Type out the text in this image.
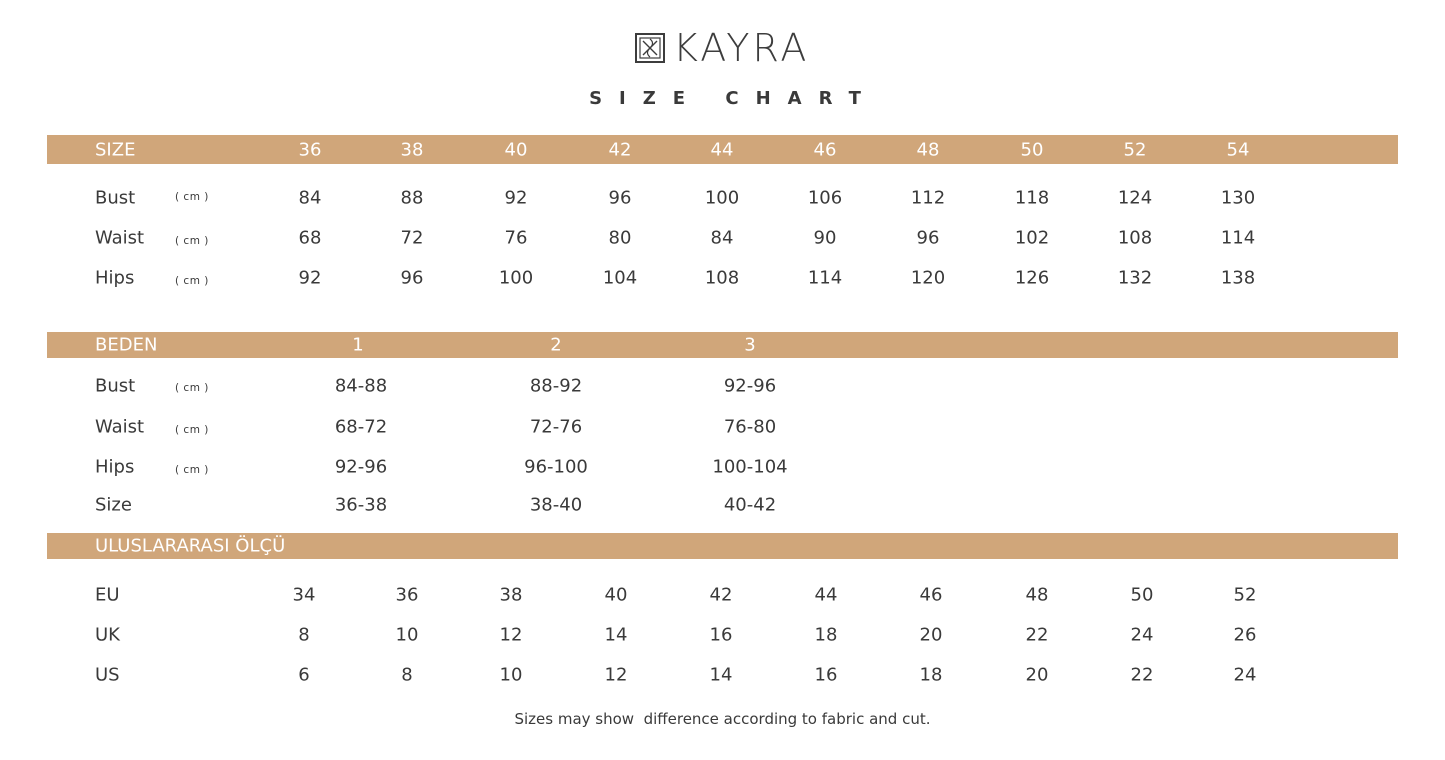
KAYRA
SIZE CHART
SIZE	36	38	40	42	44	46	48	50	52	54
Bust	( cm )	84	88	92	96	100	106	112	118	124	130
Waist	( cm )	68	72	76	80	84	90	96	102	108	114
Hips	( cm )	92	96	100	104	108	114	120	126	132	138
BEDEN	1	2	3
Bust	( cm )	84-88	88-92	92-96
Waist	( cm )	68-72	72-76	76-80
Hips	( cm )	92-96	96-100	100-104
Size	36-38	38-40	40-42
ULUSLARARASI ÖLÇÜ
EU	34	36	38	40	42	44	46	48	50	52
UK	8	10	12	14	16	18	20	22	24	26
US	6	8	10	12	14	16	18	20	22	24
Sizes may show  difference according to fabric and cut.
